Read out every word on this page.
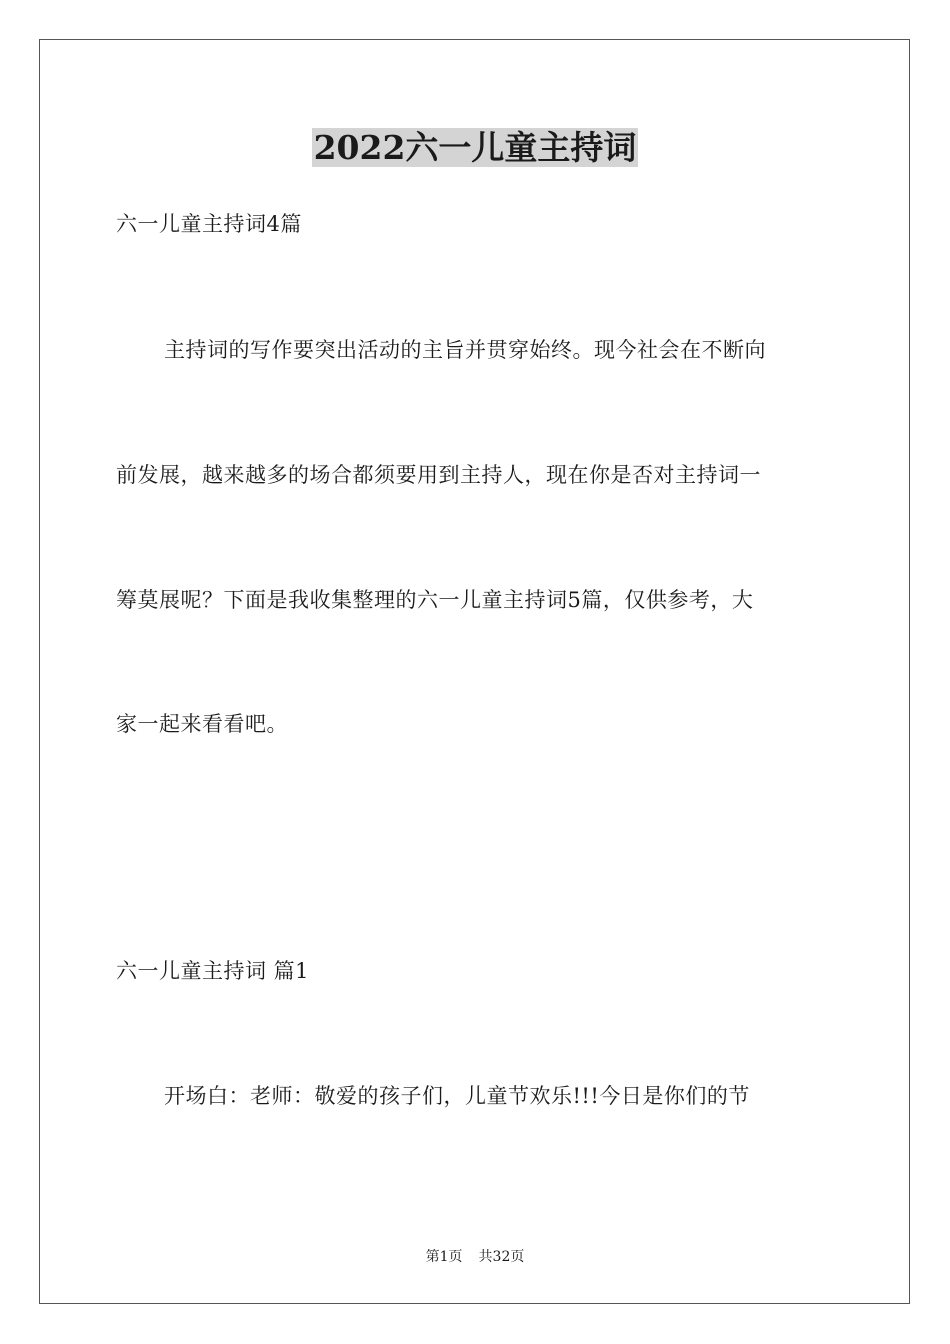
2022六一儿童主持词
六一儿童主持词4篇
主持词的写作要突出活动的主旨并贯穿始终。现今社会在不断向
前发展，越来越多的场合都须要用到主持人，现在你是否对主持词一
筹莫展呢？下面是我收集整理的六一儿童主持词5篇，仅供参考，大
家一起来看看吧。
六一儿童主持词 篇1
开场白：老师：敬爱的孩子们，儿童节欢乐!!!今日是你们的节
第1页 共32页
